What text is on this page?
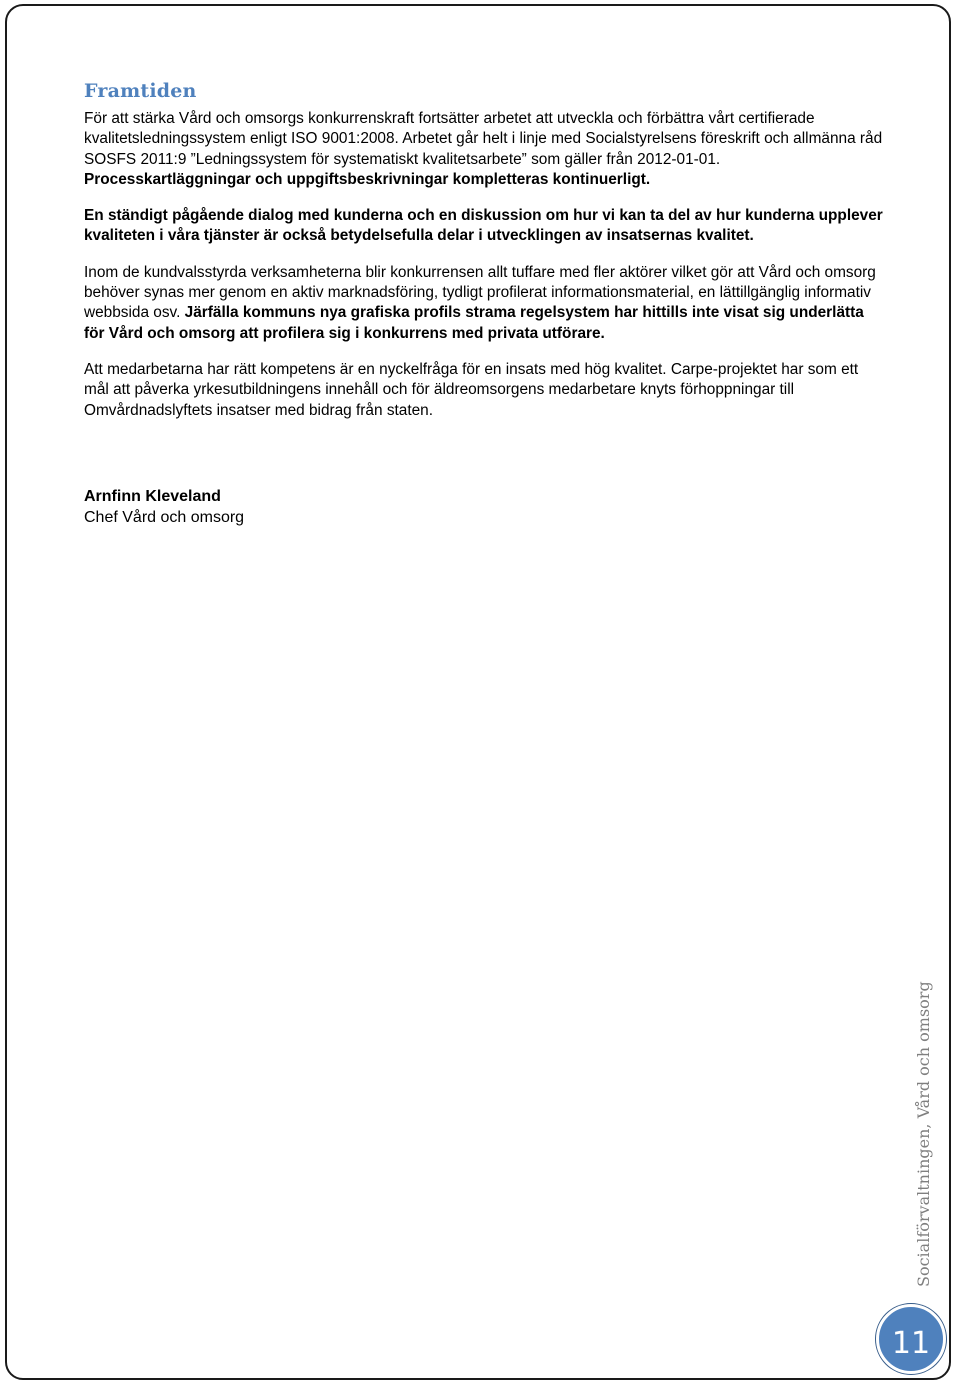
Framtiden

För att stärka Vård och omsorgs konkurrenskraft fortsätter arbetet att utveckla och förbättra vårt certifierade kvalitetsledningssystem enligt ISO 9001:2008. Arbetet går helt i linje med Socialstyrelsens föreskrift och allmänna råd SOSFS 2011:9 ”Ledningssystem för systematiskt kvalitetsarbete” som gäller från 2012-01-01. Processkartläggningar och uppgiftsbeskrivningar kompletteras kontinuerligt.

En ständigt pågående dialog med kunderna och en diskussion om hur vi kan ta del av hur kunderna upplever kvaliteten i våra tjänster är också betydelsefulla delar i utvecklingen av insatsernas kvalitet.

Inom de kundvalsstyrda verksamheterna blir konkurrensen allt tuffare med fler aktörer vilket gör att Vård och omsorg behöver synas mer genom en aktiv marknadsföring, tydligt profilerat informationsmaterial, en lättillgänglig informativ webbsida osv. Järfälla kommuns nya grafiska profils strama regelsystem har hittills inte visat sig underlätta för Vård och omsorg att profilera sig i konkurrens med privata utförare.

Att medarbetarna har rätt kompetens är en nyckelfråga för en insats med hög kvalitet. Carpe-projektet har som ett mål att påverka yrkesutbildningens innehåll och för äldreomsorgens medarbetare knyts förhoppningar till Omvårdnadslyftets insatser med bidrag från staten.

Arnfinn Kleveland

Chef Vård och omsorg

Socialförvaltningen, Vård och omsorg
11
